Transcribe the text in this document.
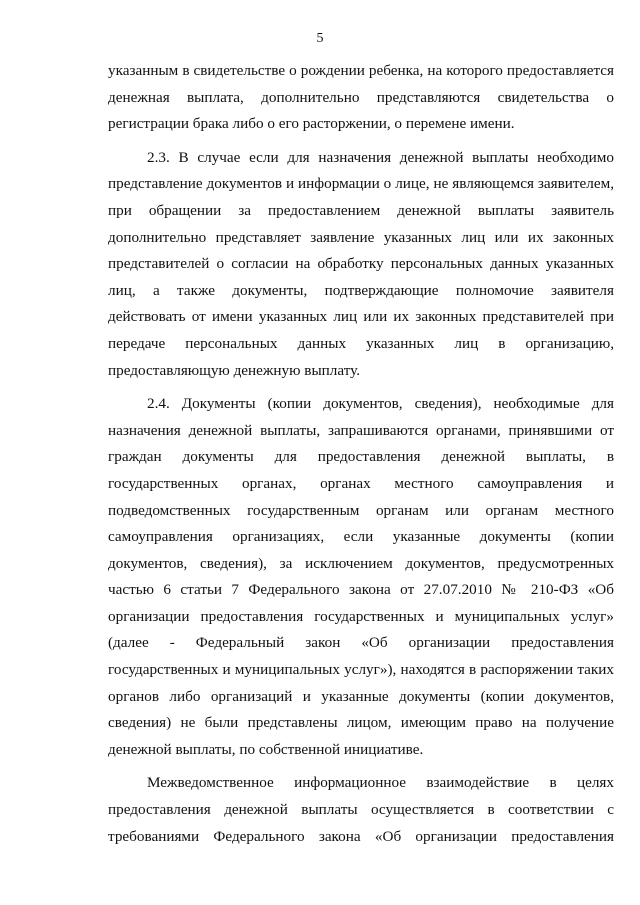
5

указанным в свидетельстве о рождении ребенка, на которого предоставляется денежная выплата, дополнительно представляются свидетельства о регистрации брака либо о его расторжении, о перемене имени.

2.3. В случае если для назначения денежной выплаты необходимо представление документов и информации о лице, не являющемся заявителем, при обращении за предоставлением денежной выплаты заявитель дополнительно представляет заявление указанных лиц или их законных представителей о согласии на обработку персональных данных указанных лиц, а также документы, подтверждающие полномочие заявителя действовать от имени указанных лиц или их законных представителей при передаче персональных данных указанных лиц в организацию, предоставляющую денежную выплату.

2.4. Документы (копии документов, сведения), необходимые для назначения денежной выплаты, запрашиваются органами, принявшими от граждан документы для предоставления денежной выплаты, в государственных органах, органах местного самоуправления и подведомственных государственным органам или органам местного самоуправления организациях, если указанные документы (копии документов, сведения), за исключением документов, предусмотренных частью 6 статьи 7 Федерального закона от 27.07.2010 № 210-ФЗ «Об организации предоставления государственных и муниципальных услуг» (далее - Федеральный закон «Об организации предоставления государственных и муниципальных услуг»), находятся в распоряжении таких органов либо организаций и указанные документы (копии документов, сведения) не были представлены лицом, имеющим право на получение денежной выплаты, по собственной инициативе.

Межведомственное информационное взаимодействие в целях предоставления денежной выплаты осуществляется в соответствии с требованиями Федерального закона «Об организации предоставления
